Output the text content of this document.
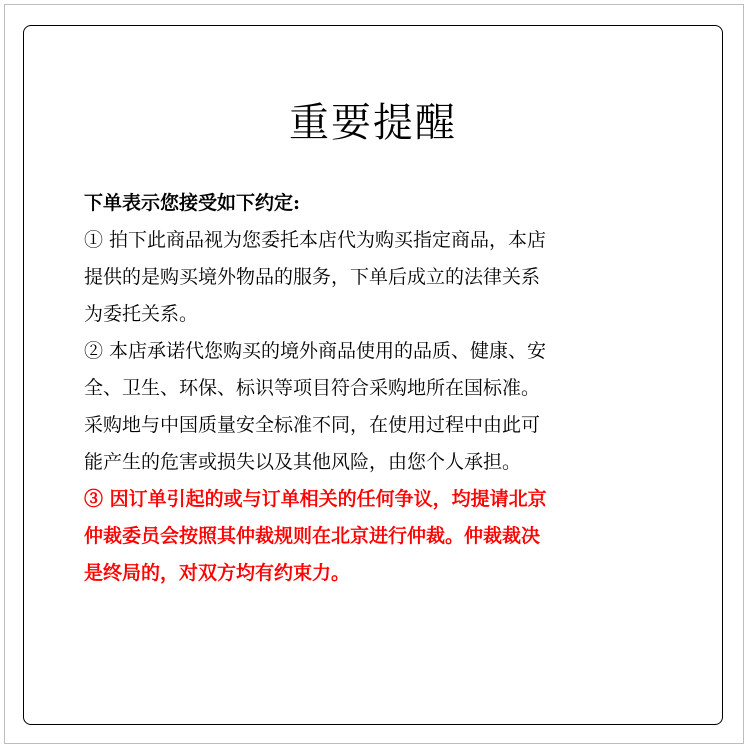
重要提醒

下单表示您接受如下约定:

① 拍下此商品视为您委托本店代为购买指定商品，本店

提供的是购买境外物品的服务，下单后成立的法律关系

为委托关系。

② 本店承诺代您购买的境外商品使用的品质、健康、安

全、卫生、环保、标识等项目符合采购地所在国标准。

采购地与中国质量安全标准不同，在使用过程中由此可

能产生的危害或损失以及其他风险，由您个人承担。

③ 因订单引起的或与订单相关的任何争议，均提请北京

仲裁委员会按照其仲裁规则在北京进行仲裁。仲裁裁决

是终局的，对双方均有约束力。
